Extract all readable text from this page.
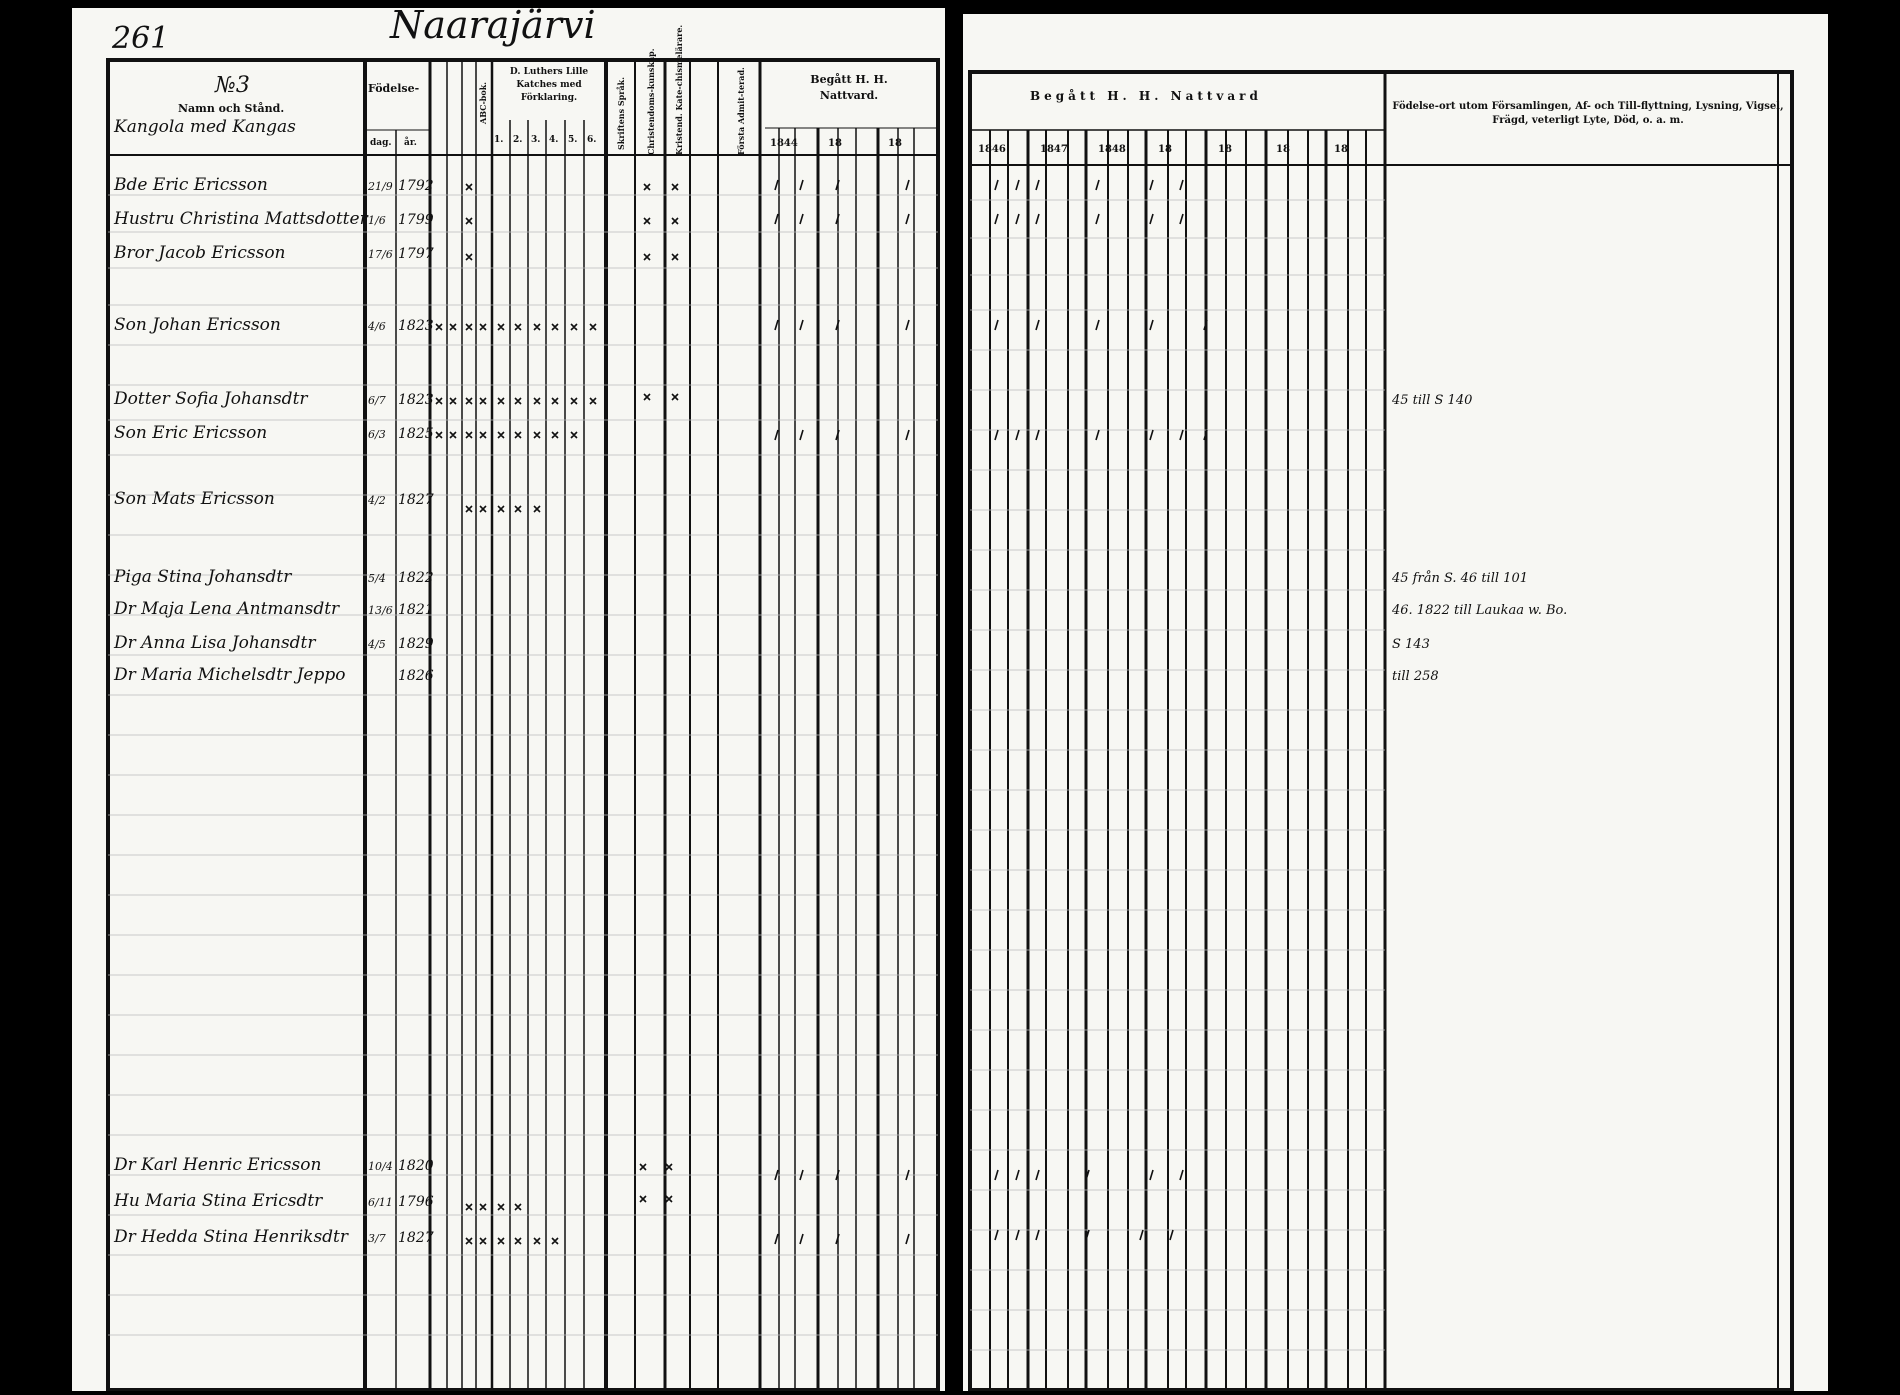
261	Naarajärvi
№3
Namn och Stånd.
Kangola med Kangas
Födelse-
dag. år.
D. Luthers Lille Katches med Förklaring.
1. 2. 3. 4. 5. 6.
ABC-bok.	Skriftens Språk.	Christendoms-kunskap. Kristend. Kate-chismelärare.	Första Admit-terad.	Begått H. H. Nattvard.
1844	18	18
Begått H. H. Nattvard
1846	1847	1848	18	18	18	18
Födelse-ort utom Församlingen, Af- och Till-flyttning, Lysning, Vigsel, Frägd, veterligt Lyte, Död, o. a. m.
Bde Eric Ericsson	21/9 1792
Hustru Christina Mattsdotter 1/6 1799
Bror Jacob Ericsson	17/6 1797
Son Johan Ericsson	4/6 1823
Dotter Sofia Johansdtr	6/7 1823	45 till S 140
Son Eric Ericsson	6/3 1825
Son Mats Ericsson	4/2 1827
Piga Stina Johansdtr	5/4 1822	45 från S. 46 till 101
Dr Maja Lena Antmansdtr	13/6 1821	46. 1822 till Laukaa w. Bo.
Dr Anna Lisa Johansdtr	4/5 1829	S 143
Dr Maria Michelsdtr Jeppo	1826	till 258
Dr Karl Henric Ericsson	10/4 1820
Hu Maria Stina Ericsdtr	6/11 1796
Dr Hedda Stina Henriksdtr 3/7 1827
